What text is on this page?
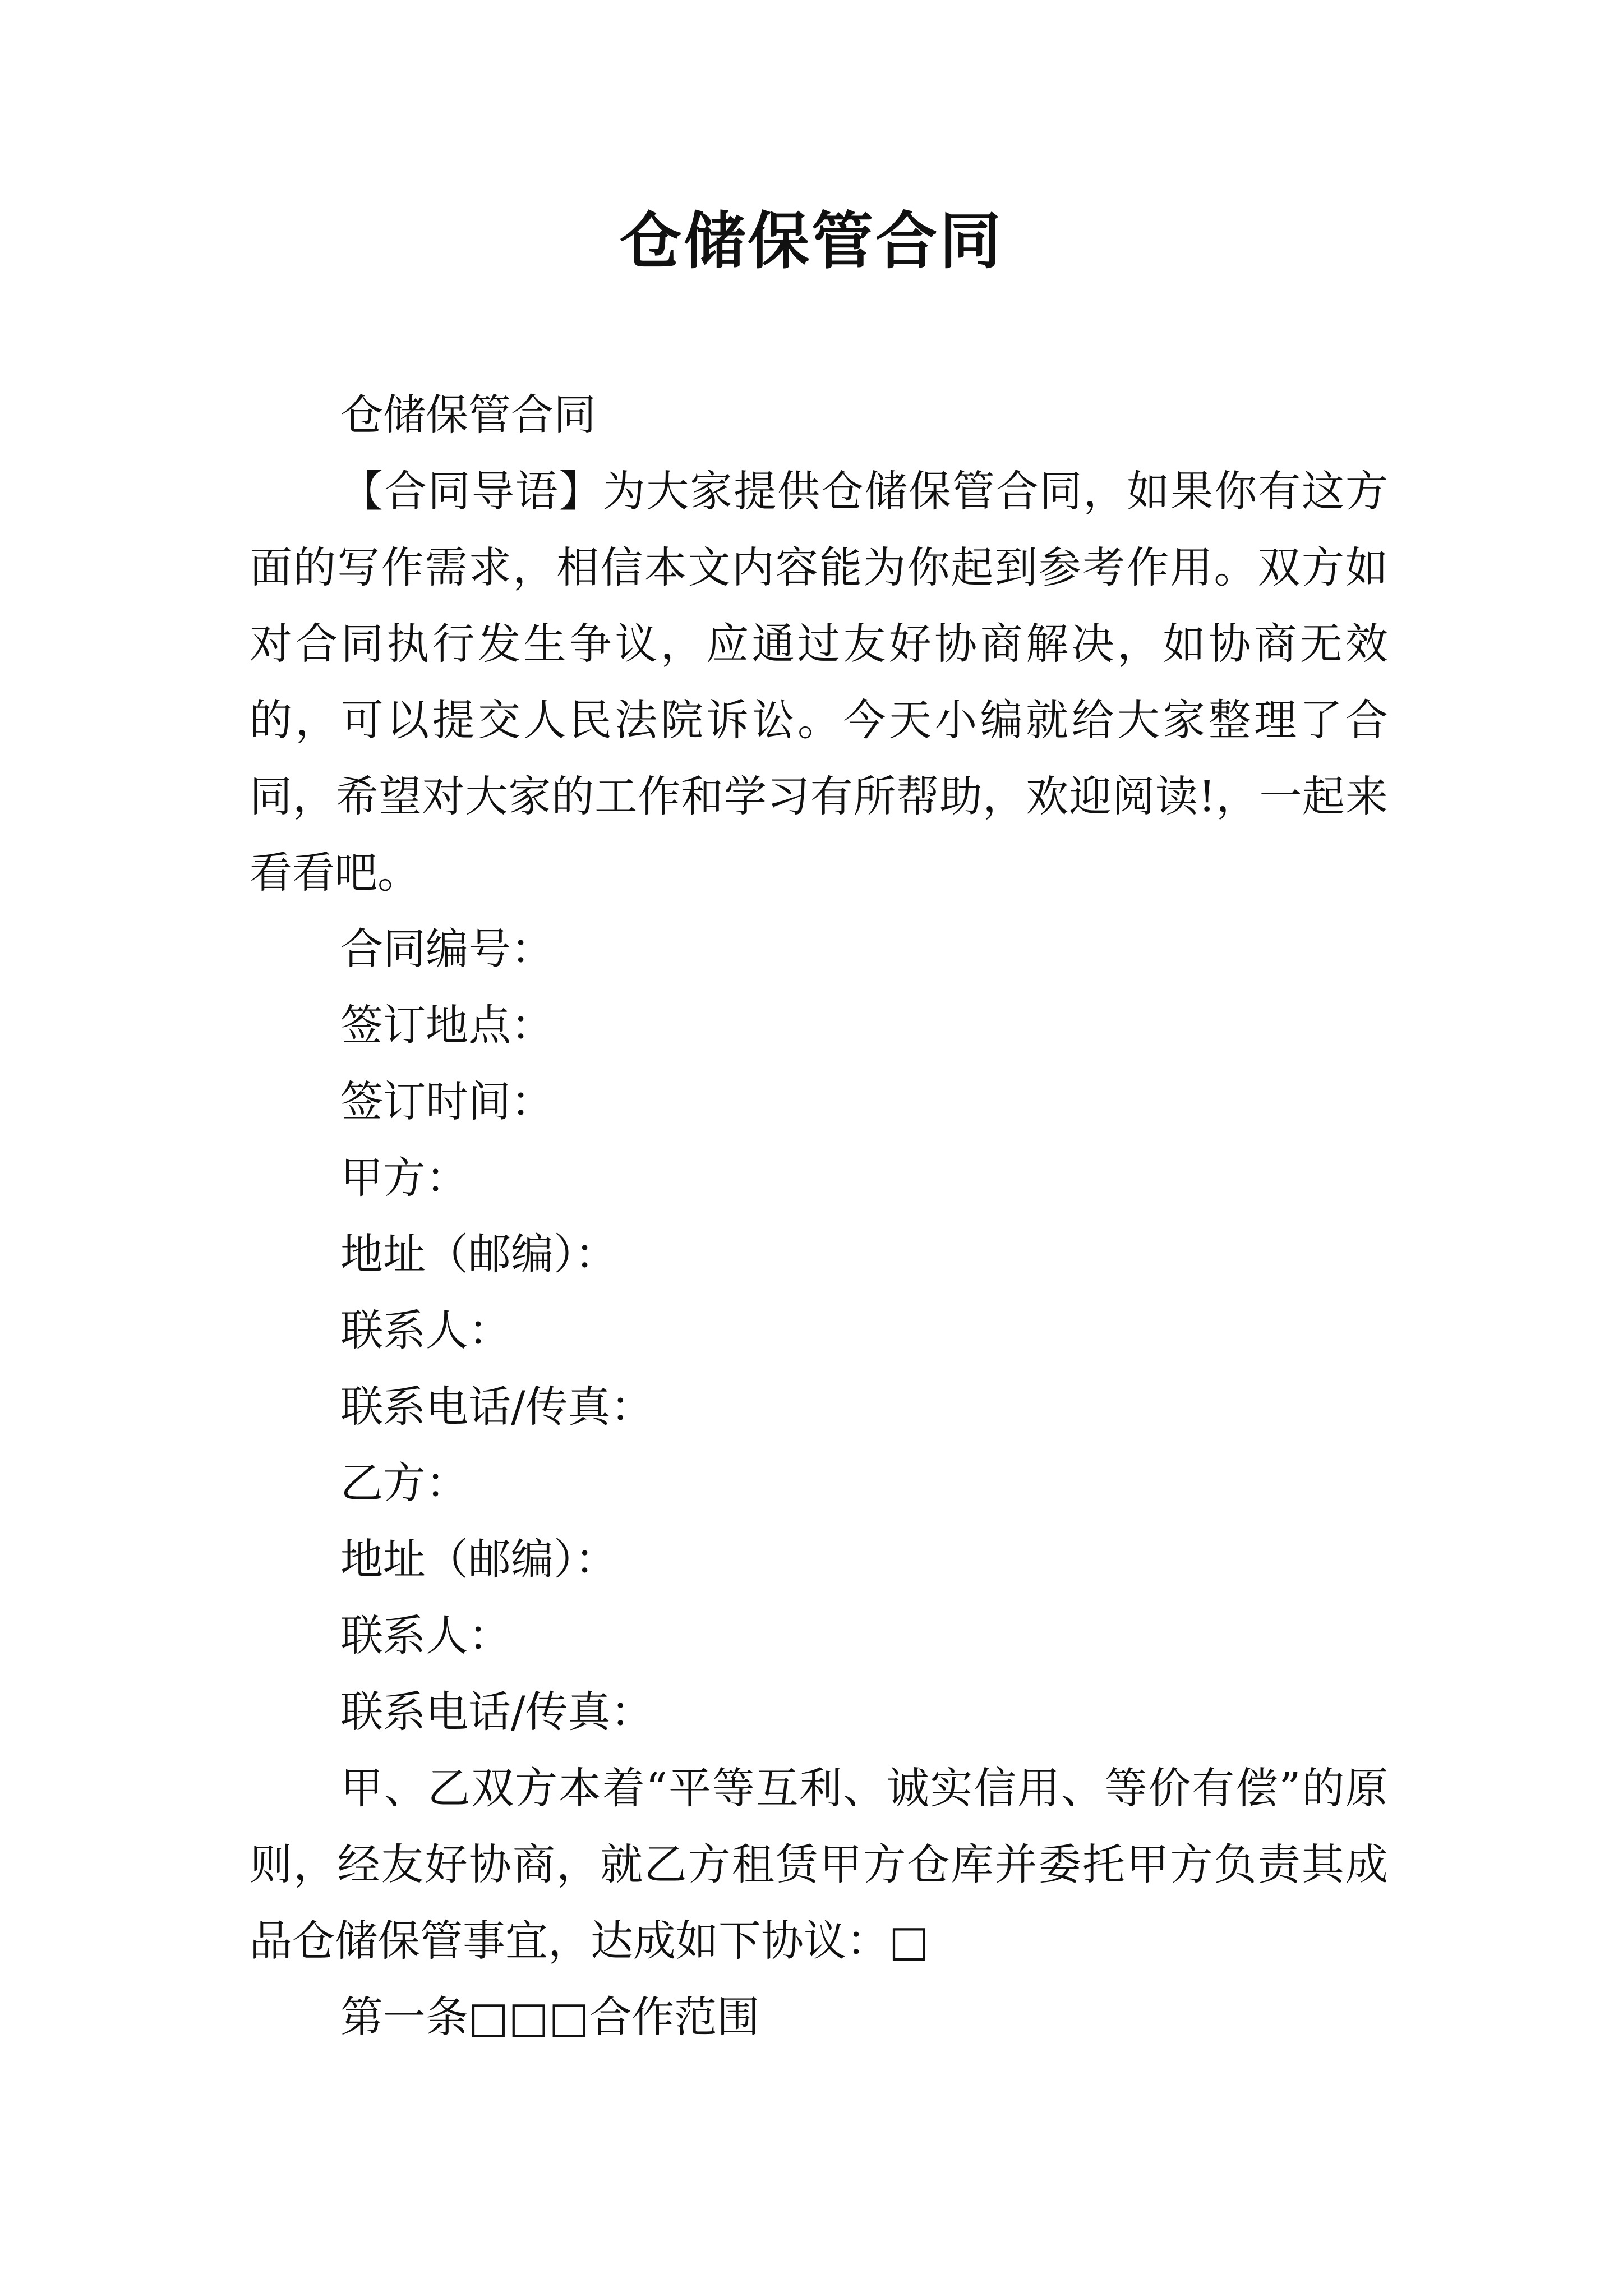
仓储保管合同

仓储保管合同

【合同导语】为大家提供仓储保管合同，如果你有这方面的写作需求，相信本文内容能为你起到参考作用。双方如对合同执行发生争议，应通过友好协商解决，如协商无效的，可以提交人民法院诉讼。今天小编就给大家整理了合同，希望对大家的工作和学习有所帮助，欢迎阅读!，一起来看看吧。

合同编号：

签订地点：

签订时间：

甲方：

地址（邮编）：

联系人：

联系电话/传真：

乙方：

地址（邮编）：

联系人：

联系电话/传真：

甲、乙双方本着“平等互利、诚实信用、等价有偿”的原则，经友好协商，就乙方租赁甲方仓库并委托甲方负责其成品仓储保管事宜，达成如下协议：□

第一条□□□合作范围
